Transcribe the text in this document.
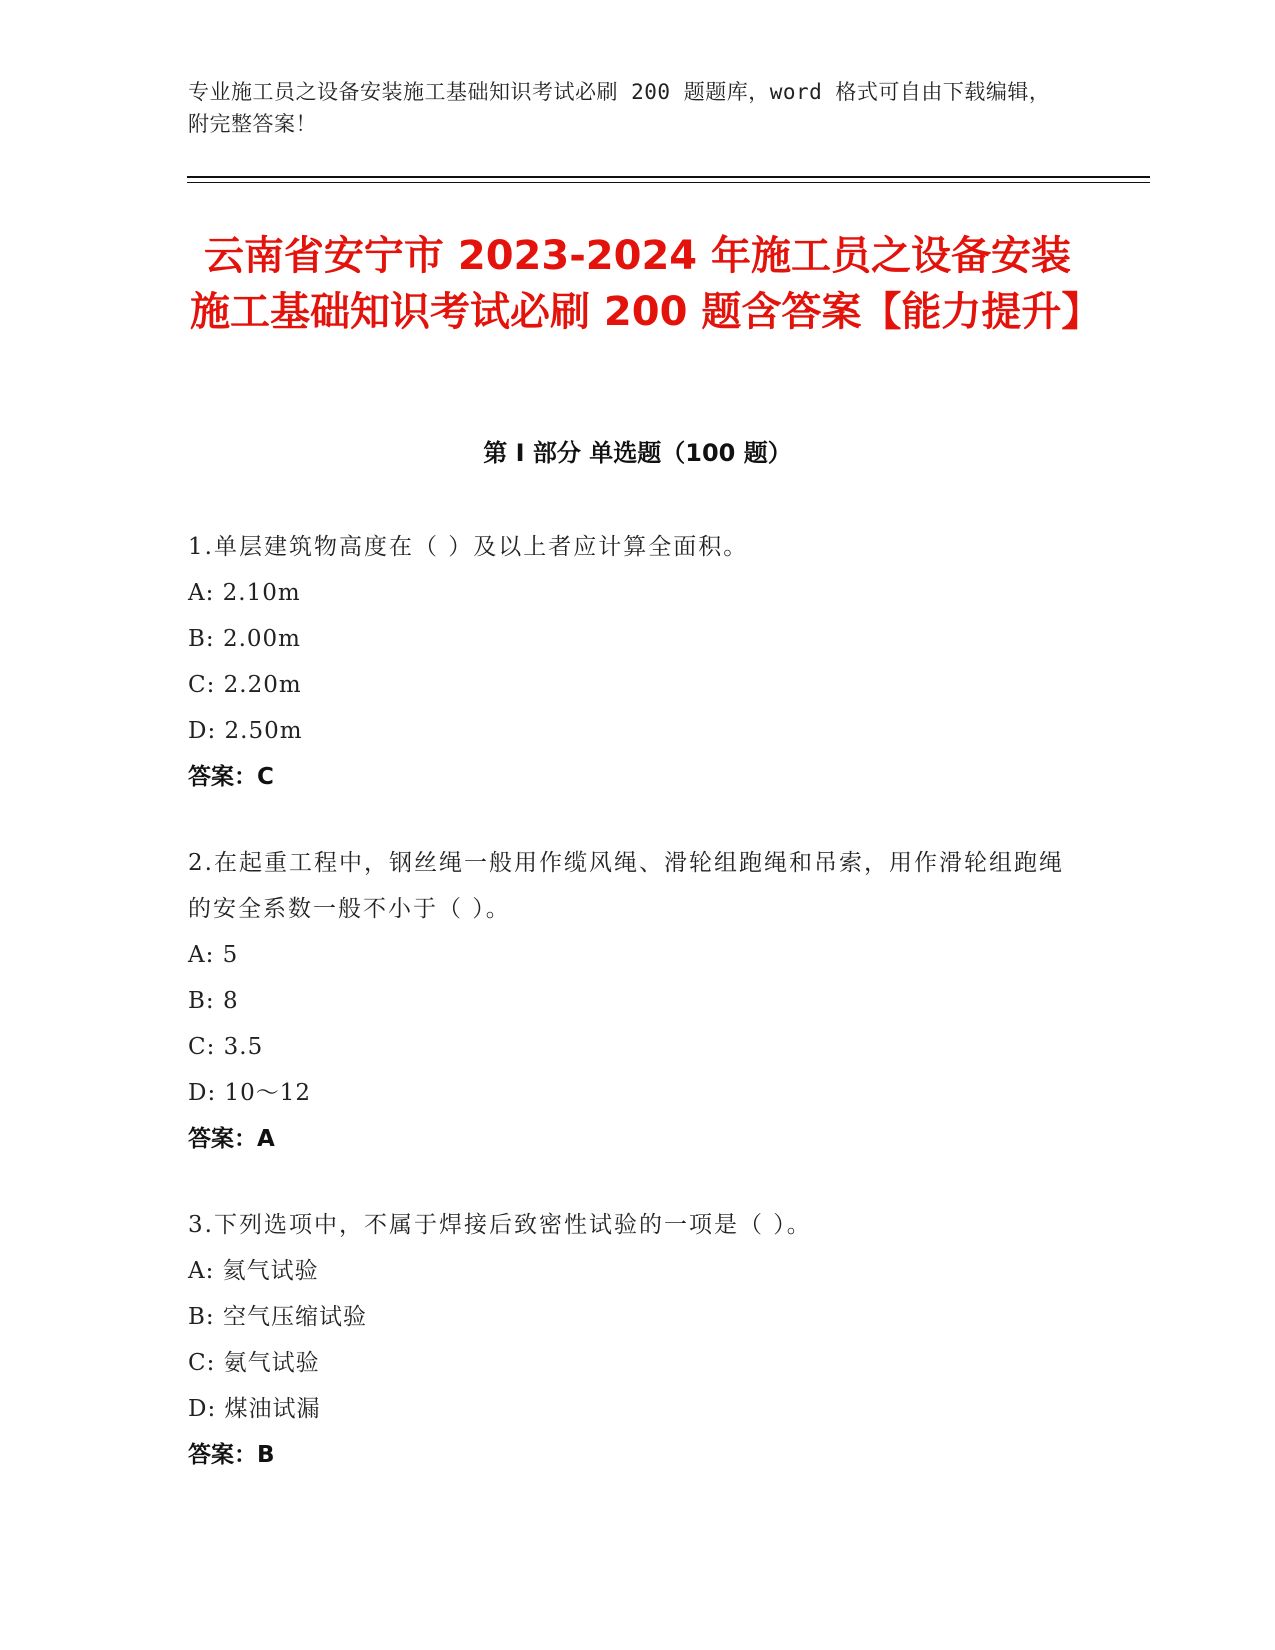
专业施工员之设备安装施工基础知识考试必刷 200 题题库，word 格式可自由下载编辑，附完整答案！
云南省安宁市 2023-2024 年施工员之设备安装施工基础知识考试必刷 200 题含答案【能力提升】
第 I 部分 单选题（100 题）
1.单层建筑物高度在（ ）及以上者应计算全面积。
A: 2.10m
B: 2.00m
C: 2.20m
D: 2.50m
答案：C
2.在起重工程中，钢丝绳一般用作缆风绳、滑轮组跑绳和吊索，用作滑轮组跑绳的安全系数一般不小于（ ）。
A: 5
B: 8
C: 3.5
D: 10～12
答案：A
3.下列选项中，不属于焊接后致密性试验的一项是（ ）。
A: 氦气试验
B: 空气压缩试验
C: 氨气试验
D: 煤油试漏
答案：B
